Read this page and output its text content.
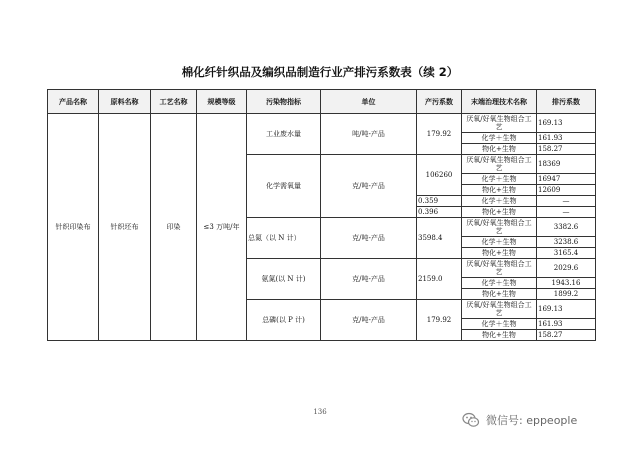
棉化纤针织品及编织品制造行业产排污系数表（续 2）
产品名称	原料名称	工艺名称	规模等级	污染物指标	单位	产污系数	末端治理技术名称	排污系数
针织印染布	针织坯布	印染	≤3 万吨/年	工业废水量	吨/吨-产品	179.92	厌氧/好氧生物组合工艺	169.13
							化学＋生物	161.93
							物化+生物	158.27
				化学需氧量	克/吨-产品	106260	厌氧/好氧生物组合工艺	18369
							化学＋生物	16947
							物化+生物	12609
						0.359	化学＋生物	—
						0.396	物化+生物	—
				总氮（以 N 计）	克/吨-产品	3598.4	厌氧/好氧生物组合工艺	3382.6
							化学＋生物	3238.6
							物化+生物	3165.4
				氨氮(以 N 计)	克/吨-产品	2159.0	厌氧/好氧生物组合工艺	2029.6
							化学＋生物	1943.16
							物化+生物	1899.2
				总磷(以 P 计)	克/吨-产品	179.92	厌氧/好氧生物组合工艺	169.13
							化学＋生物	161.93
							物化+生物	158.27
136
微信号: eppeople
